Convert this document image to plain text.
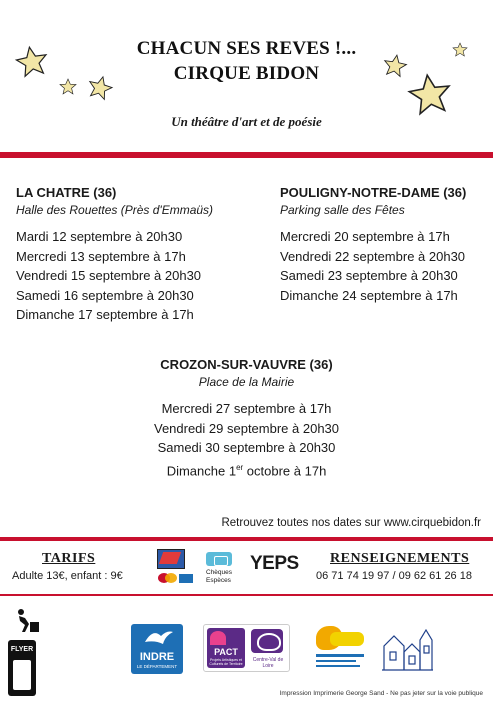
CHACUN SES REVES !...
CIRQUE BIDON
Un théâtre d'art et de poésie
LA CHATRE (36)
Halle des Rouettes (Près d'Emmaüs)
Mardi 12 septembre à 20h30
Mercredi 13 septembre à 17h
Vendredi 15 septembre à 20h30
Samedi 16 septembre à 20h30
Dimanche 17 septembre à 17h
POULIGNY-NOTRE-DAME (36)
Parking salle des Fêtes
Mercredi 20 septembre à 17h
Vendredi 22 septembre à 20h30
Samedi 23 septembre à 20h30
Dimanche 24 septembre à 17h
CROZON-SUR-VAUVRE (36)
Place de la Mairie
Mercredi 27 septembre à 17h
Vendredi 29 septembre à 20h30
Samedi 30 septembre à 20h30
Dimanche 1er octobre à 17h
Retrouvez toutes nos dates sur www.cirquebidon.fr
TARIFS
Adulte 13€, enfant : 9€	Chèques
Espèces
YEPS RENSEIGNEMENTS
06 71 74 19 97 / 09 62 61 26 18
FLYER
INDRE
LE DÉPARTEMENT
PACT
Projets Artistiques et Culturels de Territoire
Centre-Val de Loire
Impression Imprimerie George Sand - Ne pas jeter sur la voie publique
